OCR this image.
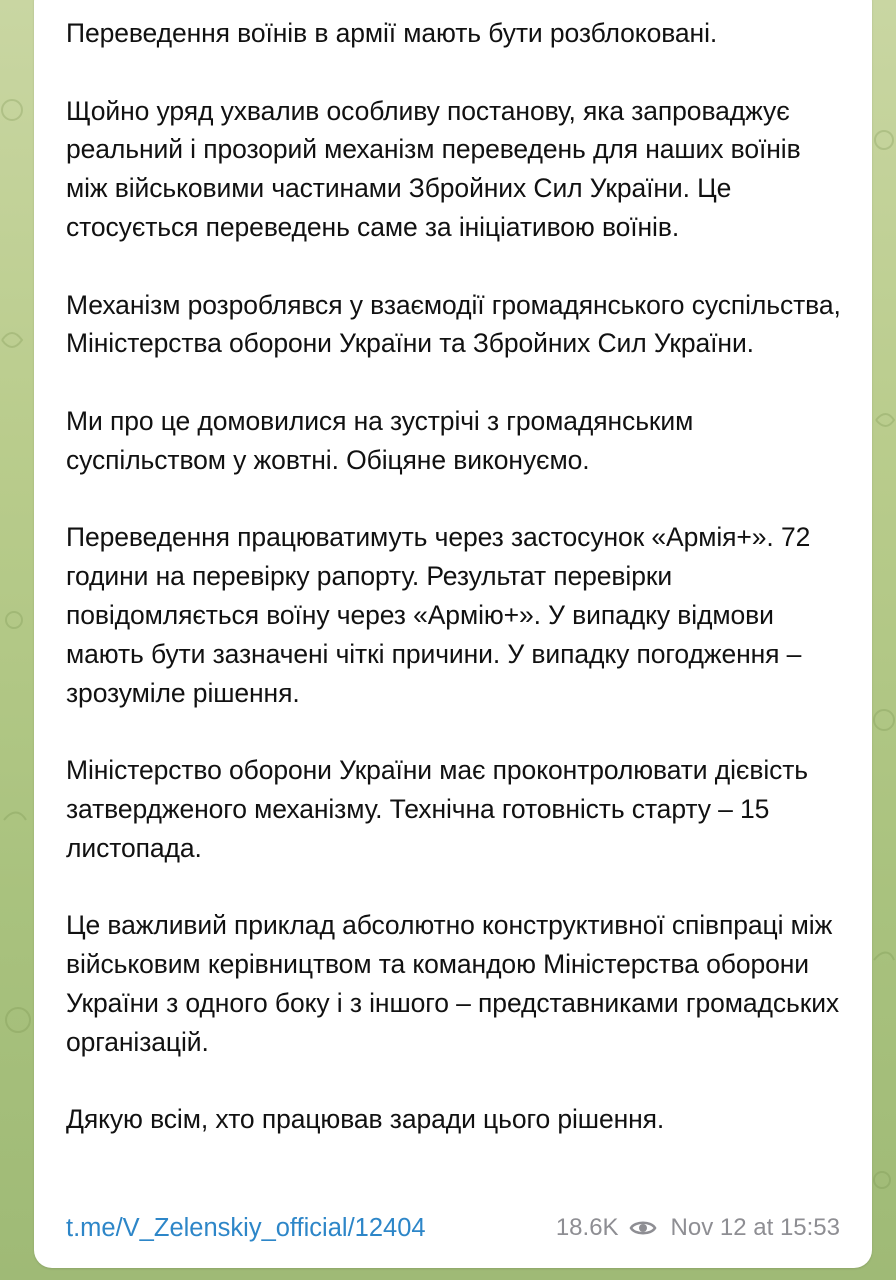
Переведення воїнів в армії мають бути розблоковані.

Щойно уряд ухвалив особливу постанову, яка запроваджує реальний і прозорий механізм переведень для наших воїнів між військовими частинами Збройних Сил України. Це стосується переведень саме за ініціативою воїнів.

Механізм розроблявся у взаємодії громадянського суспільства, Міністерства оборони України та Збройних Сил України.

Ми про це домовилися на зустрічі з громадянським суспільством у жовтні. Обіцяне виконуємо.

Переведення працюватимуть через застосунок «Армія+». 72 години на перевірку рапорту. Результат перевірки повідомляється воїну через «Армію+». У випадку відмови мають бути зазначені чіткі причини. У випадку погодження – зрозуміле рішення.

Міністерство оборони України має проконтролювати дієвість затвердженого механізму. Технічна готовність старту – 15 листопада.

Це важливий приклад абсолютно конструктивної співпраці між військовим керівництвом та командою Міністерства оборони України з одного боку і з іншого – представниками громадських організацій.

Дякую всім, хто працював заради цього рішення.

t.me/V_Zelenskiy_official/12404	18.6K Nov 12 at 15:53
